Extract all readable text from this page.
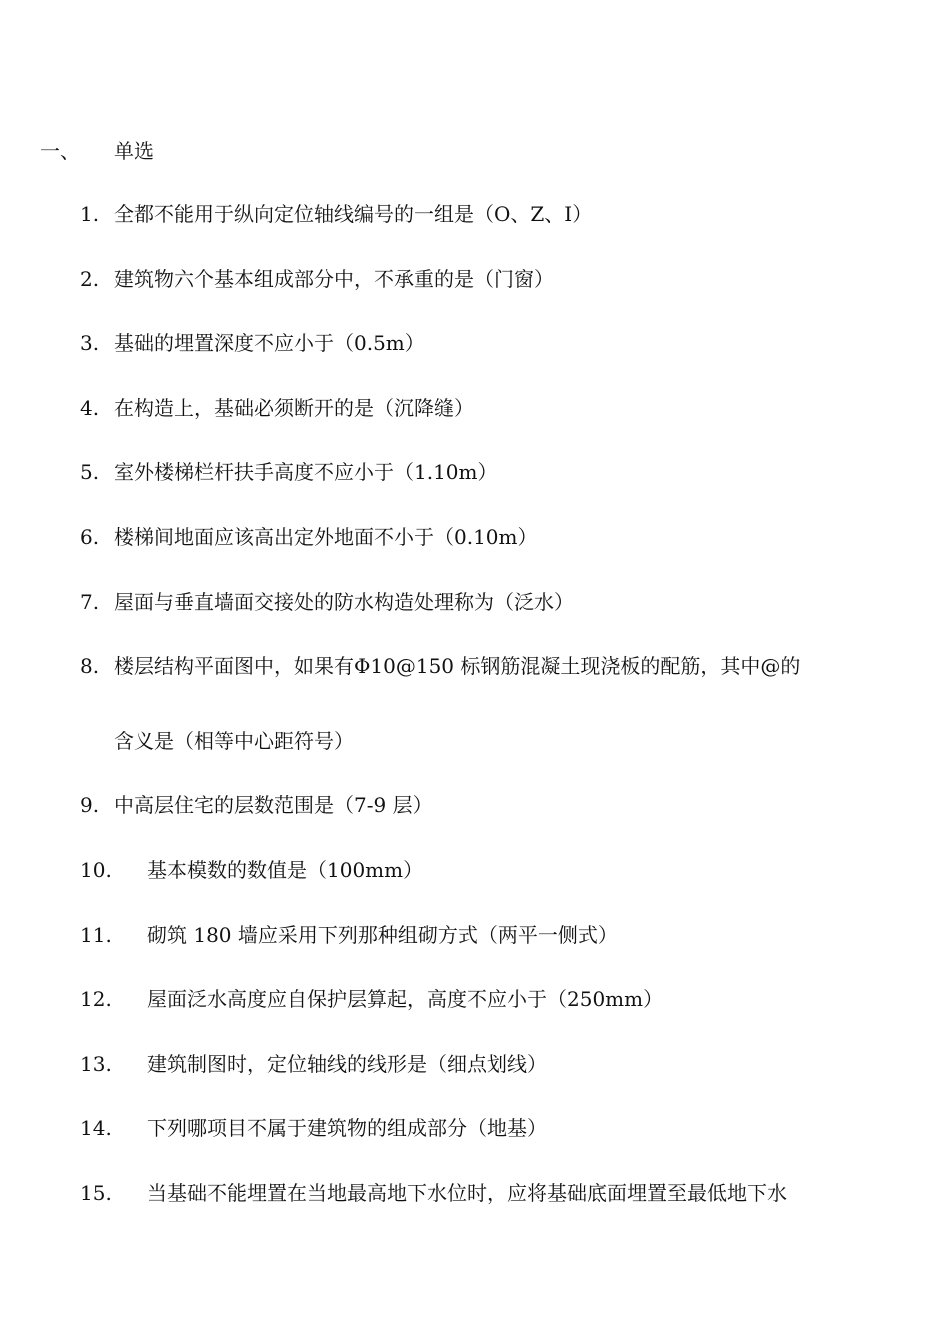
一、 单选
1. 全都不能用于纵向定位轴线编号的一组是（O、Z、I）
2. 建筑物六个基本组成部分中，不承重的是（门窗）
3. 基础的埋置深度不应小于（0.5m）
4. 在构造上，基础必须断开的是（沉降缝）
5. 室外楼梯栏杆扶手高度不应小于（1.10m）
6. 楼梯间地面应该高出定外地面不小于（0.10m）
7. 屋面与垂直墙面交接处的防水构造处理称为（泛水）
8. 楼层结构平面图中，如果有Φ10@150 标钢筋混凝土现浇板的配筋，其中@的
含义是（相等中心距符号）
9. 中高层住宅的层数范围是（7-9 层）
10. 基本模数的数值是（100mm）
11. 砌筑 180 墙应采用下列那种组砌方式（两平一侧式）
12. 屋面泛水高度应自保护层算起，高度不应小于（250mm）
13. 建筑制图时，定位轴线的线形是（细点划线）
14. 下列哪项目不属于建筑物的组成部分（地基）
15. 当基础不能埋置在当地最高地下水位时，应将基础底面埋置至最低地下水
